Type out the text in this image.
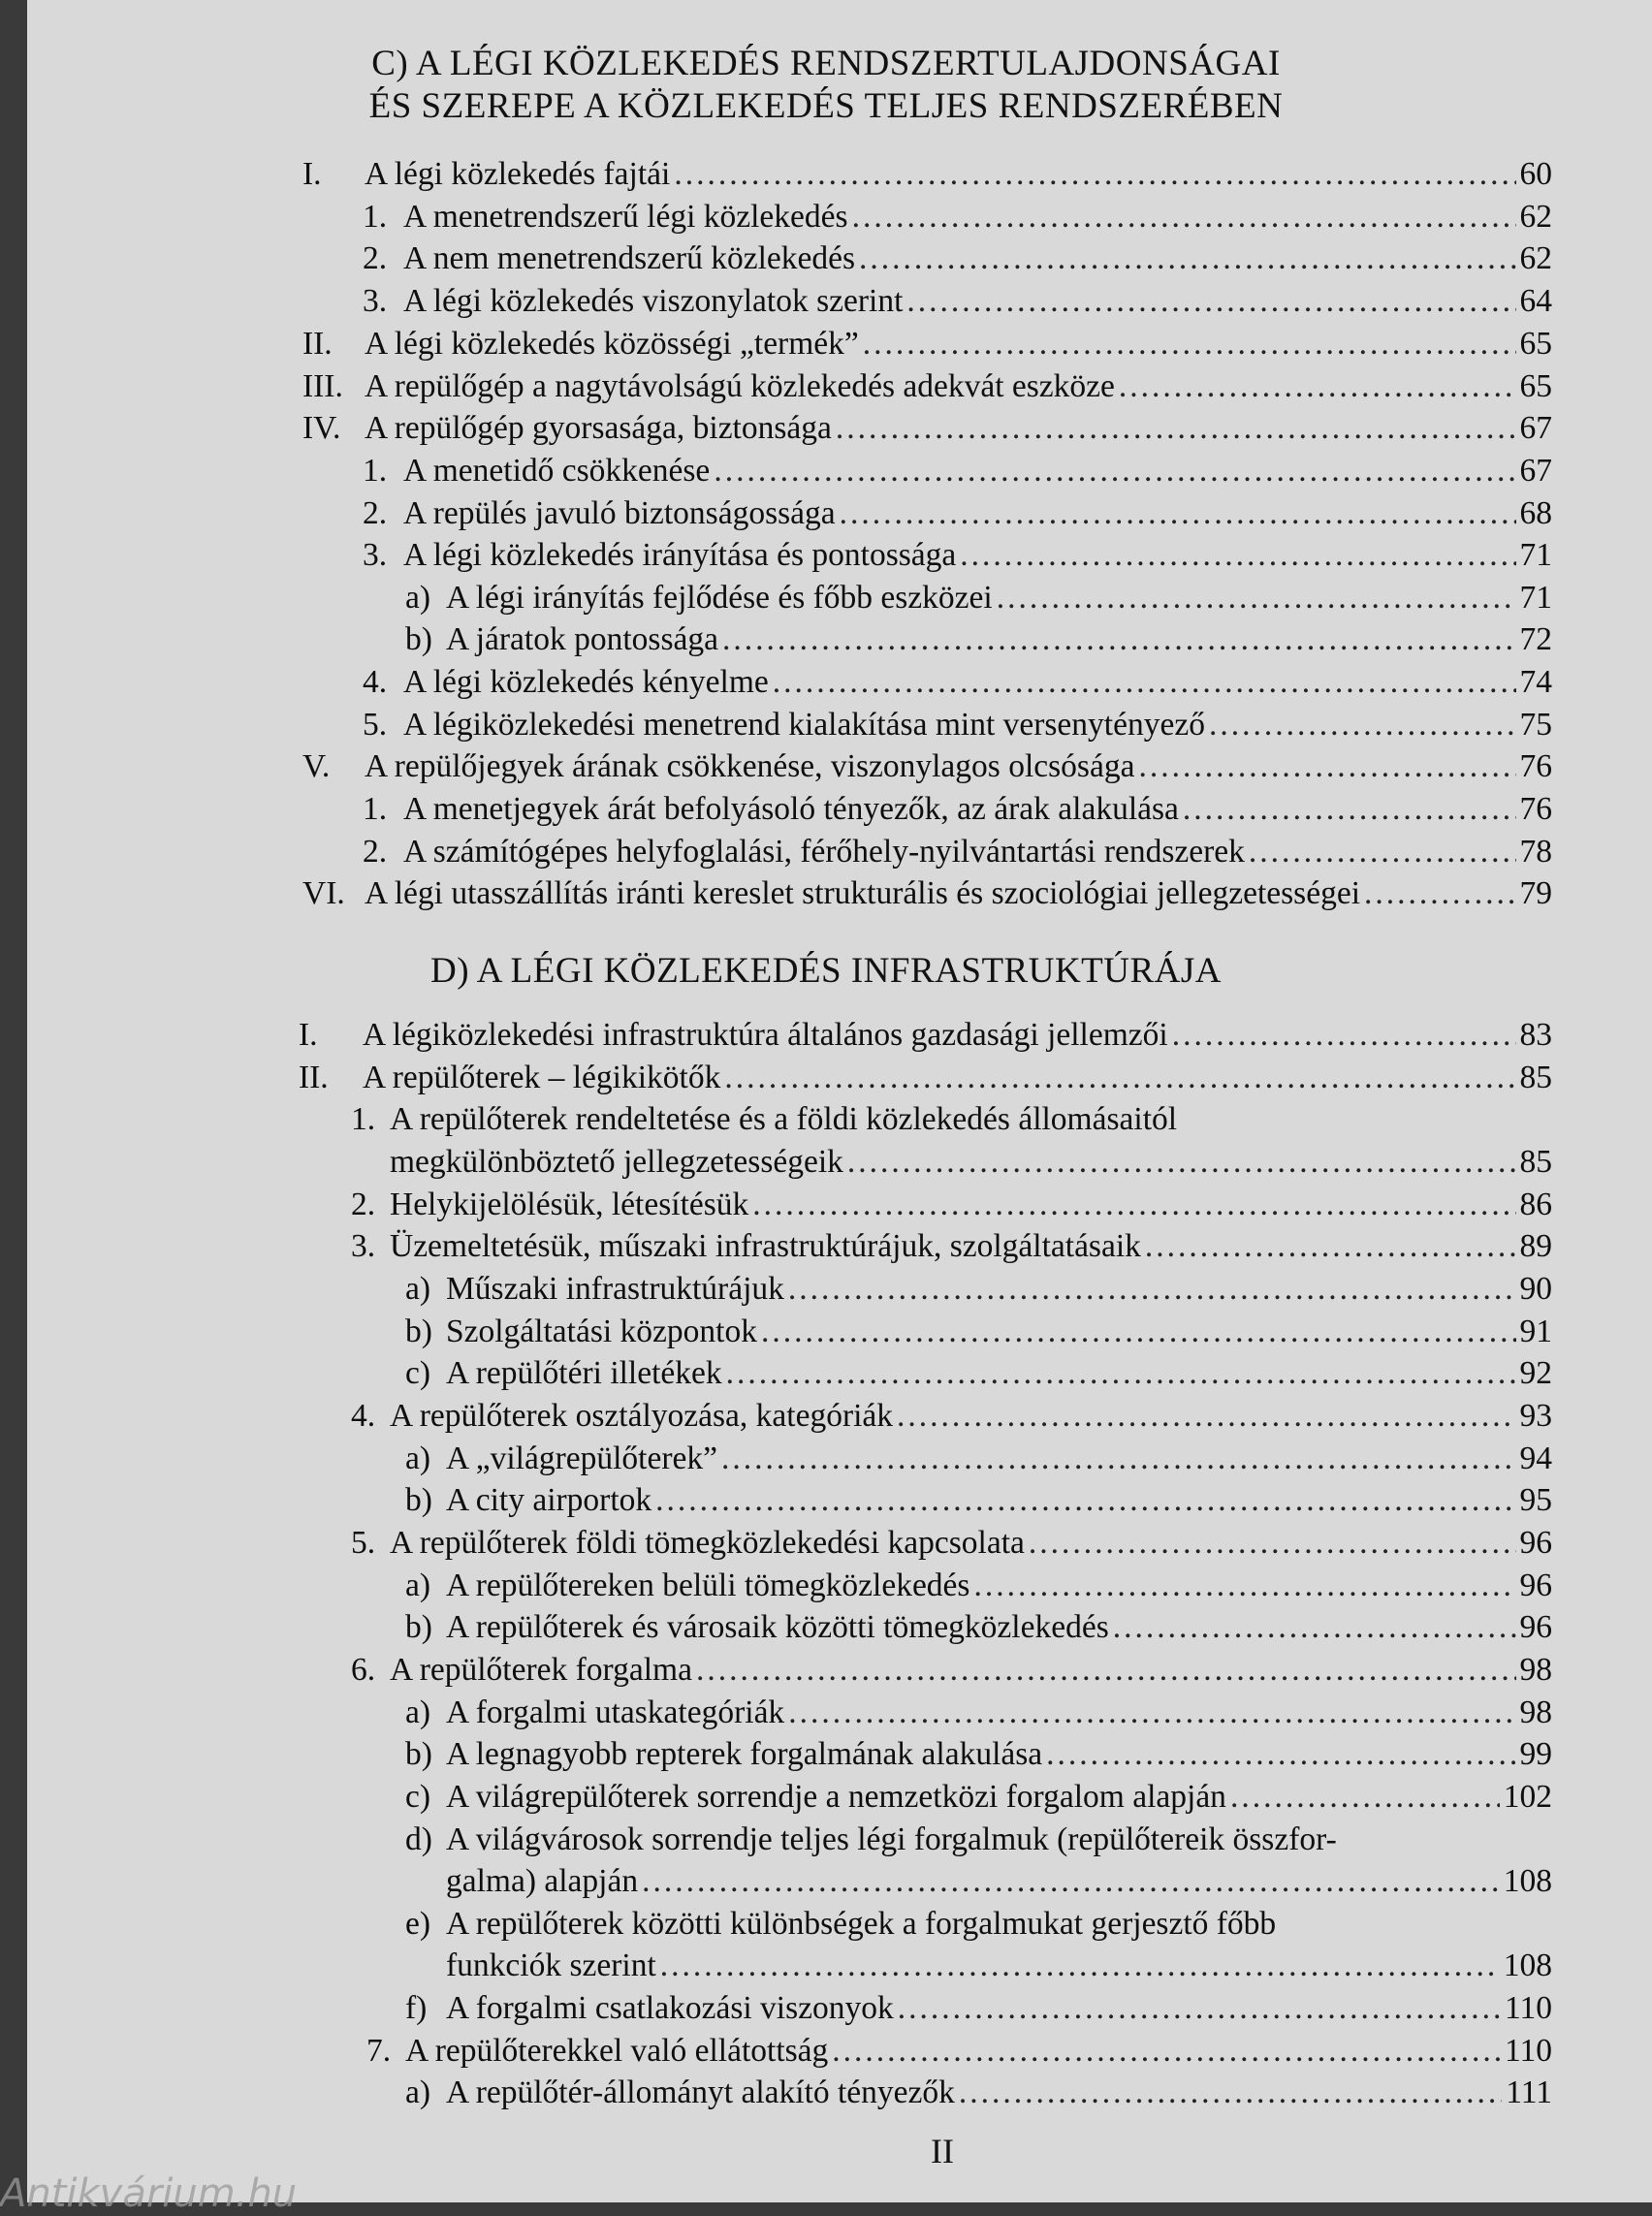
C) A LÉGI KÖZLEKEDÉS RENDSZERTULAJDONSÁGAI
ÉS SZEREPE A KÖZLEKEDÉS TELJES RENDSZERÉBEN
I.	A légi közlekedés fajtái .....	60
1. A menetrendszerű légi közlekedés .....	62
2. A nem menetrendszerű közlekedés .....	62
3. A légi közlekedés viszonylatok szerint .....	64
II. A légi közlekedés közösségi „termék” .....	65
III. A repülőgép a nagytávolságú közlekedés adekvát eszköze .....	65
IV. A repülőgép gyorsasága, biztonsága .....	67
1. A menetidő csökkenése .....	67
2. A repülés javuló biztonságossága .....	68
3. A légi közlekedés irányítása és pontossága .....	71
a) A légi irányítás fejlődése és főbb eszközei .....	71
b) A járatok pontossága .....	72
4. A légi közlekedés kényelme .....	74
5. A légiközlekedési menetrend kialakítása mint versenytényező .....	75
V.	A repülőjegyek árának csökkenése, viszonylagos olcsósága .....	76
1. A menetjegyek árát befolyásoló tényezők, az árak alakulása .....	76
2. A számítógépes helyfoglalási, férőhely-nyilvántartási rendszerek .....	78
VI. A légi utasszállítás iránti kereslet strukturális és szociológiai jellegzetességei .....	79
D) A LÉGI KÖZLEKEDÉS INFRASTRUKTÚRÁJA
I.	A légiközlekedési infrastruktúra általános gazdasági jellemzői .....	83
II.	A repülőterek – légikikötők .....	85
1. A repülőterek rendeltetése és a földi közlekedés állomásaitól
megkülönböztető jellegzetességeik .....	85
2. Helykijelölésük, létesítésük .....	86
3. Üzemeltetésük, műszaki infrastruktúrájuk, szolgáltatásaik .....	89
a) Műszaki infrastruktúrájuk .....	90
b) Szolgáltatási központok .....	91
c) A repülőtéri illetékek .....	92
4. A repülőterek osztályozása, kategóriák .....	93
a) A „világrepülőterek” .....	94
b) A city airportok .....	95
5. A repülőterek földi tömegközlekedési kapcsolata .....	96
a) A repülőtereken belüli tömegközlekedés .....	96
b) A repülőterek és városaik közötti tömegközlekedés .....	96
6. A repülőterek forgalma .....	98
a) A forgalmi utaskategóriák .....	98
b) A legnagyobb repterek forgalmának alakulása .....	99
c) A világrepülőterek sorrendje a nemzetközi forgalom alapján .....	102
d) A világvárosok sorrendje teljes légi forgalmuk (repülőtereik összfor-
galma) alapján .....	108
e) A repülőterek közötti különbségek a forgalmukat gerjesztő főbb
funkciók szerint .....	108
f) A forgalmi csatlakozási viszonyok .....	110
7. A repülőterekkel való ellátottság .....	110
a) A repülőtér-állományt alakító tényezők .....	111
II
Antikvárium.hu
